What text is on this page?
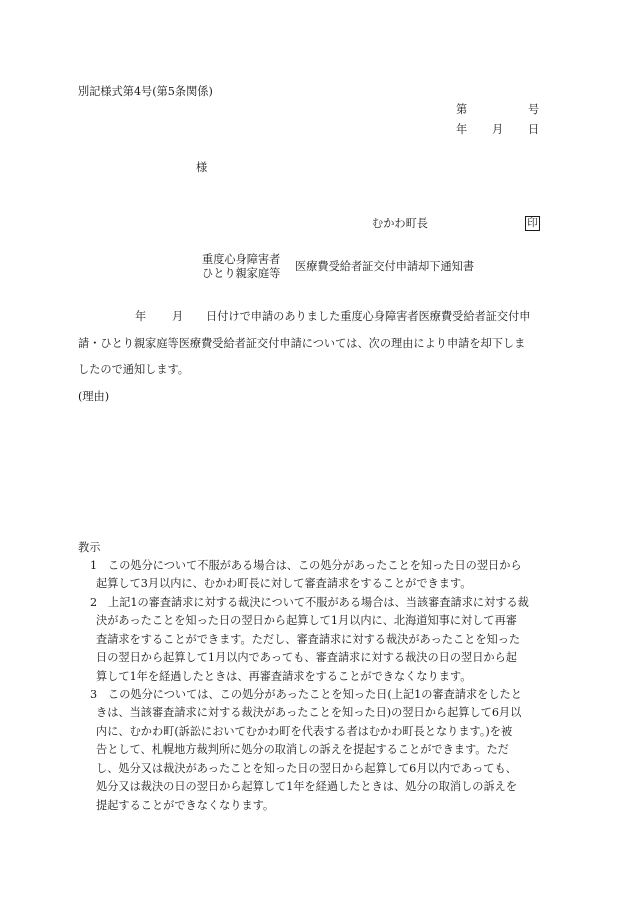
別記様式第4号(第5条関係)
第	号
年 月 日
様
むかわ町長	印
重度心身障害者
ひとり親家庭等
医療費受給者証交付申請却下通知書
年 月 日付けで申請のありました重度心身障害者医療費受給者証交付申
請・ひとり親家庭等医療費受給者証交付申請については、次の理由により申請を却下しま
したので通知します。
(理由)
教示
1 この処分について不服がある場合は、この処分があったことを知った日の翌日から
起算して3月以内に、むかわ町長に対して審査請求をすることができます。
2 上記1の審査請求に対する裁決について不服がある場合は、当該審査請求に対する裁
決があったことを知った日の翌日から起算して1月以内に、北海道知事に対して再審
査請求をすることができます。ただし、審査請求に対する裁決があったことを知った
日の翌日から起算して1月以内であっても、審査請求に対する裁決の日の翌日から起
算して1年を経過したときは、再審査請求をすることができなくなります。
3 この処分については、この処分があったことを知った日(上記1の審査請求をしたと
きは、当該審査請求に対する裁決があったことを知った日)の翌日から起算して6月以
内に、むかわ町(訴訟においてむかわ町を代表する者はむかわ町長となります。)を被
告として、札幌地方裁判所に処分の取消しの訴えを提起することができます。ただ
し、処分又は裁決があったことを知った日の翌日から起算して6月以内であっても、
処分又は裁決の日の翌日から起算して1年を経過したときは、処分の取消しの訴えを
提起することができなくなります。
